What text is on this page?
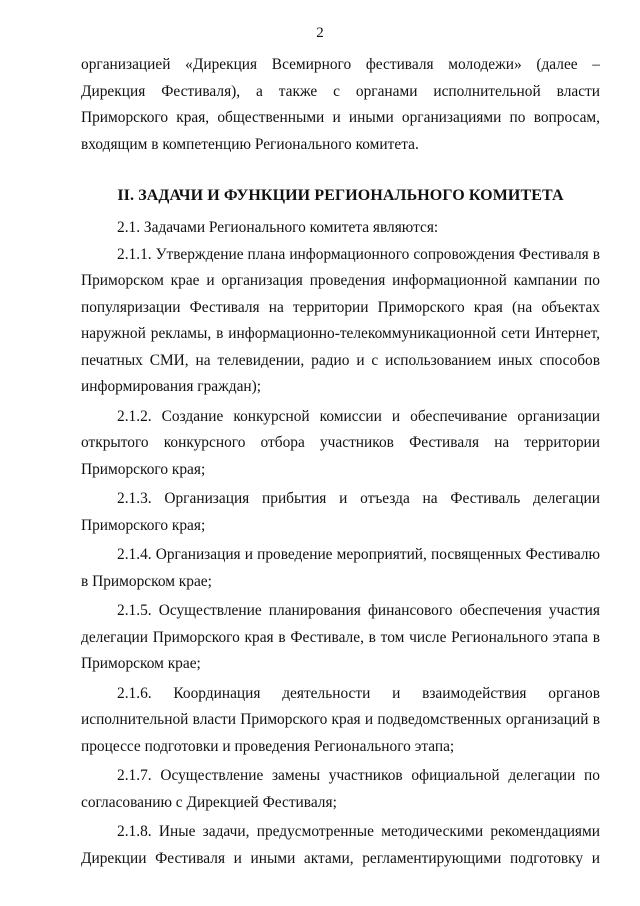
2

организацией «Дирекция Всемирного фестиваля молодежи» (далее – Дирекция Фестиваля), а также с органами исполнительной власти Приморского края, общественными и иными организациями по вопросам, входящим в компетенцию Регионального комитета.

II. ЗАДАЧИ И ФУНКЦИИ РЕГИОНАЛЬНОГО КОМИТЕТА

2.1. Задачами Регионального комитета являются:

2.1.1. Утверждение плана информационного сопровождения Фестиваля в Приморском крае и организация проведения информационной кампании по популяризации Фестиваля на территории Приморского края (на объектах наружной рекламы, в информационно-телекоммуникационной сети Интернет, печатных СМИ, на телевидении, радио и с использованием иных способов информирования граждан);

2.1.2. Создание конкурсной комиссии и обеспечивание организации открытого конкурсного отбора участников Фестиваля на территории Приморского края;

2.1.3. Организация прибытия и отъезда на Фестиваль делегации Приморского края;

2.1.4. Организация и проведение мероприятий, посвященных Фестивалю в Приморском крае;

2.1.5. Осуществление планирования финансового обеспечения участия делегации Приморского края в Фестивале, в том числе Регионального этапа в Приморском крае;

2.1.6. Координация деятельности и взаимодействия органов исполнительной власти Приморского края и подведомственных организаций в процессе подготовки и проведения Регионального этапа;

2.1.7. Осуществление замены участников официальной делегации по согласованию с Дирекцией Фестиваля;

2.1.8. Иные задачи, предусмотренные методическими рекомендациями Дирекции Фестиваля и иными актами, регламентирующими подготовку и
